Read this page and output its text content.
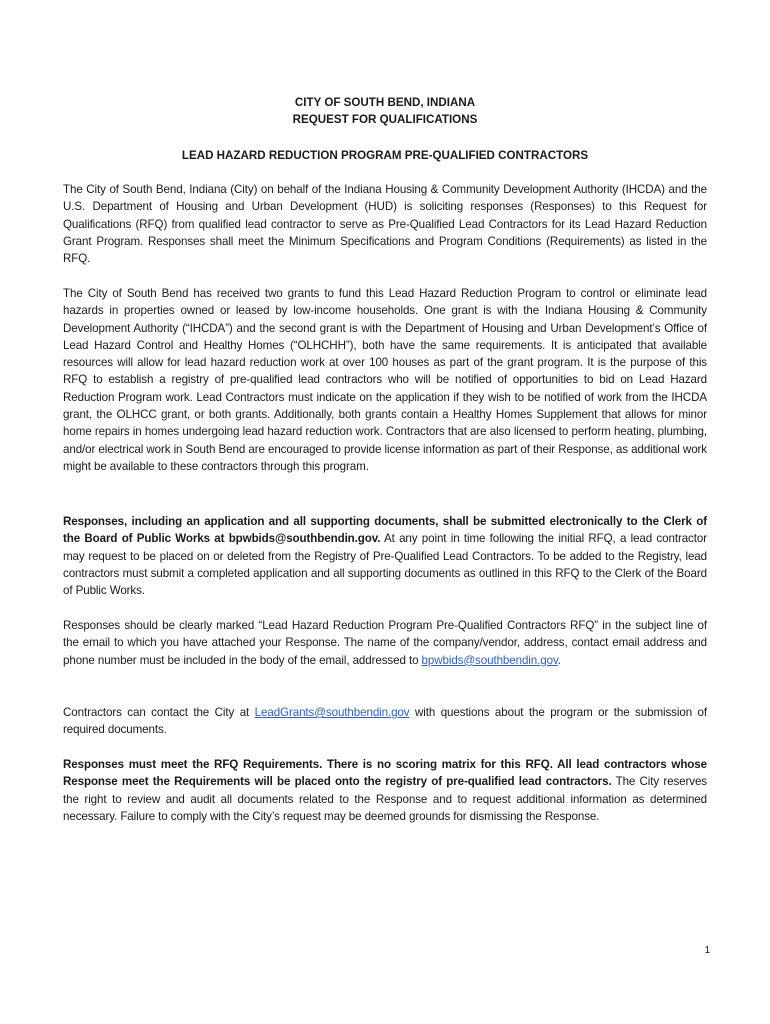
CITY OF SOUTH BEND, INDIANA
REQUEST FOR QUALIFICATIONS
LEAD HAZARD REDUCTION PROGRAM PRE-QUALIFIED CONTRACTORS

The City of South Bend, Indiana (City) on behalf of the Indiana Housing & Community Development Authority (IHCDA) and the U.S. Department of Housing and Urban Development (HUD) is soliciting responses (Responses) to this Request for Qualifications (RFQ) from qualified lead contractor to serve as Pre-Qualified Lead Contractors for its Lead Hazard Reduction Grant Program. Responses shall meet the Minimum Specifications and Program Conditions (Requirements) as listed in the RFQ.

The City of South Bend has received two grants to fund this Lead Hazard Reduction Program to control or eliminate lead hazards in properties owned or leased by low-income households. One grant is with the Indiana Housing & Community Development Authority (“IHCDA”) and the second grant is with the Department of Housing and Urban Development’s Office of Lead Hazard Control and Healthy Homes (“OLHCHH”), both have the same requirements. It is anticipated that available resources will allow for lead hazard reduction work at over 100 houses as part of the grant program. It is the purpose of this RFQ to establish a registry of pre-qualified lead contractors who will be notified of opportunities to bid on Lead Hazard Reduction Program work. Lead Contractors must indicate on the application if they wish to be notified of work from the IHCDA grant, the OLHCC grant, or both grants. Additionally, both grants contain a Healthy Homes Supplement that allows for minor home repairs in homes undergoing lead hazard reduction work. Contractors that are also licensed to perform heating, plumbing, and/or electrical work in South Bend are encouraged to provide license information as part of their Response, as additional work might be available to these contractors through this program.

Responses, including an application and all supporting documents, shall be submitted electronically to the Clerk of the Board of Public Works at bpwbids@southbendin.gov. At any point in time following the initial RFQ, a lead contractor may request to be placed on or deleted from the Registry of Pre-Qualified Lead Contractors. To be added to the Registry, lead contractors must submit a completed application and all supporting documents as outlined in this RFQ to the Clerk of the Board of Public Works.

Responses should be clearly marked “Lead Hazard Reduction Program Pre-Qualified Contractors RFQ” in the subject line of the email to which you have attached your Response. The name of the company/vendor, address, contact email address and phone number must be included in the body of the email, addressed to bpwbids@southbendin.gov.

Contractors can contact the City at LeadGrants@southbendin.gov with questions about the program or the submission of required documents.

Responses must meet the RFQ Requirements. There is no scoring matrix for this RFQ. All lead contractors whose Response meet the Requirements will be placed onto the registry of pre-qualified lead contractors. The City reserves the right to review and audit all documents related to the Response and to request additional information as determined necessary. Failure to comply with the City’s request may be deemed grounds for dismissing the Response.

1
